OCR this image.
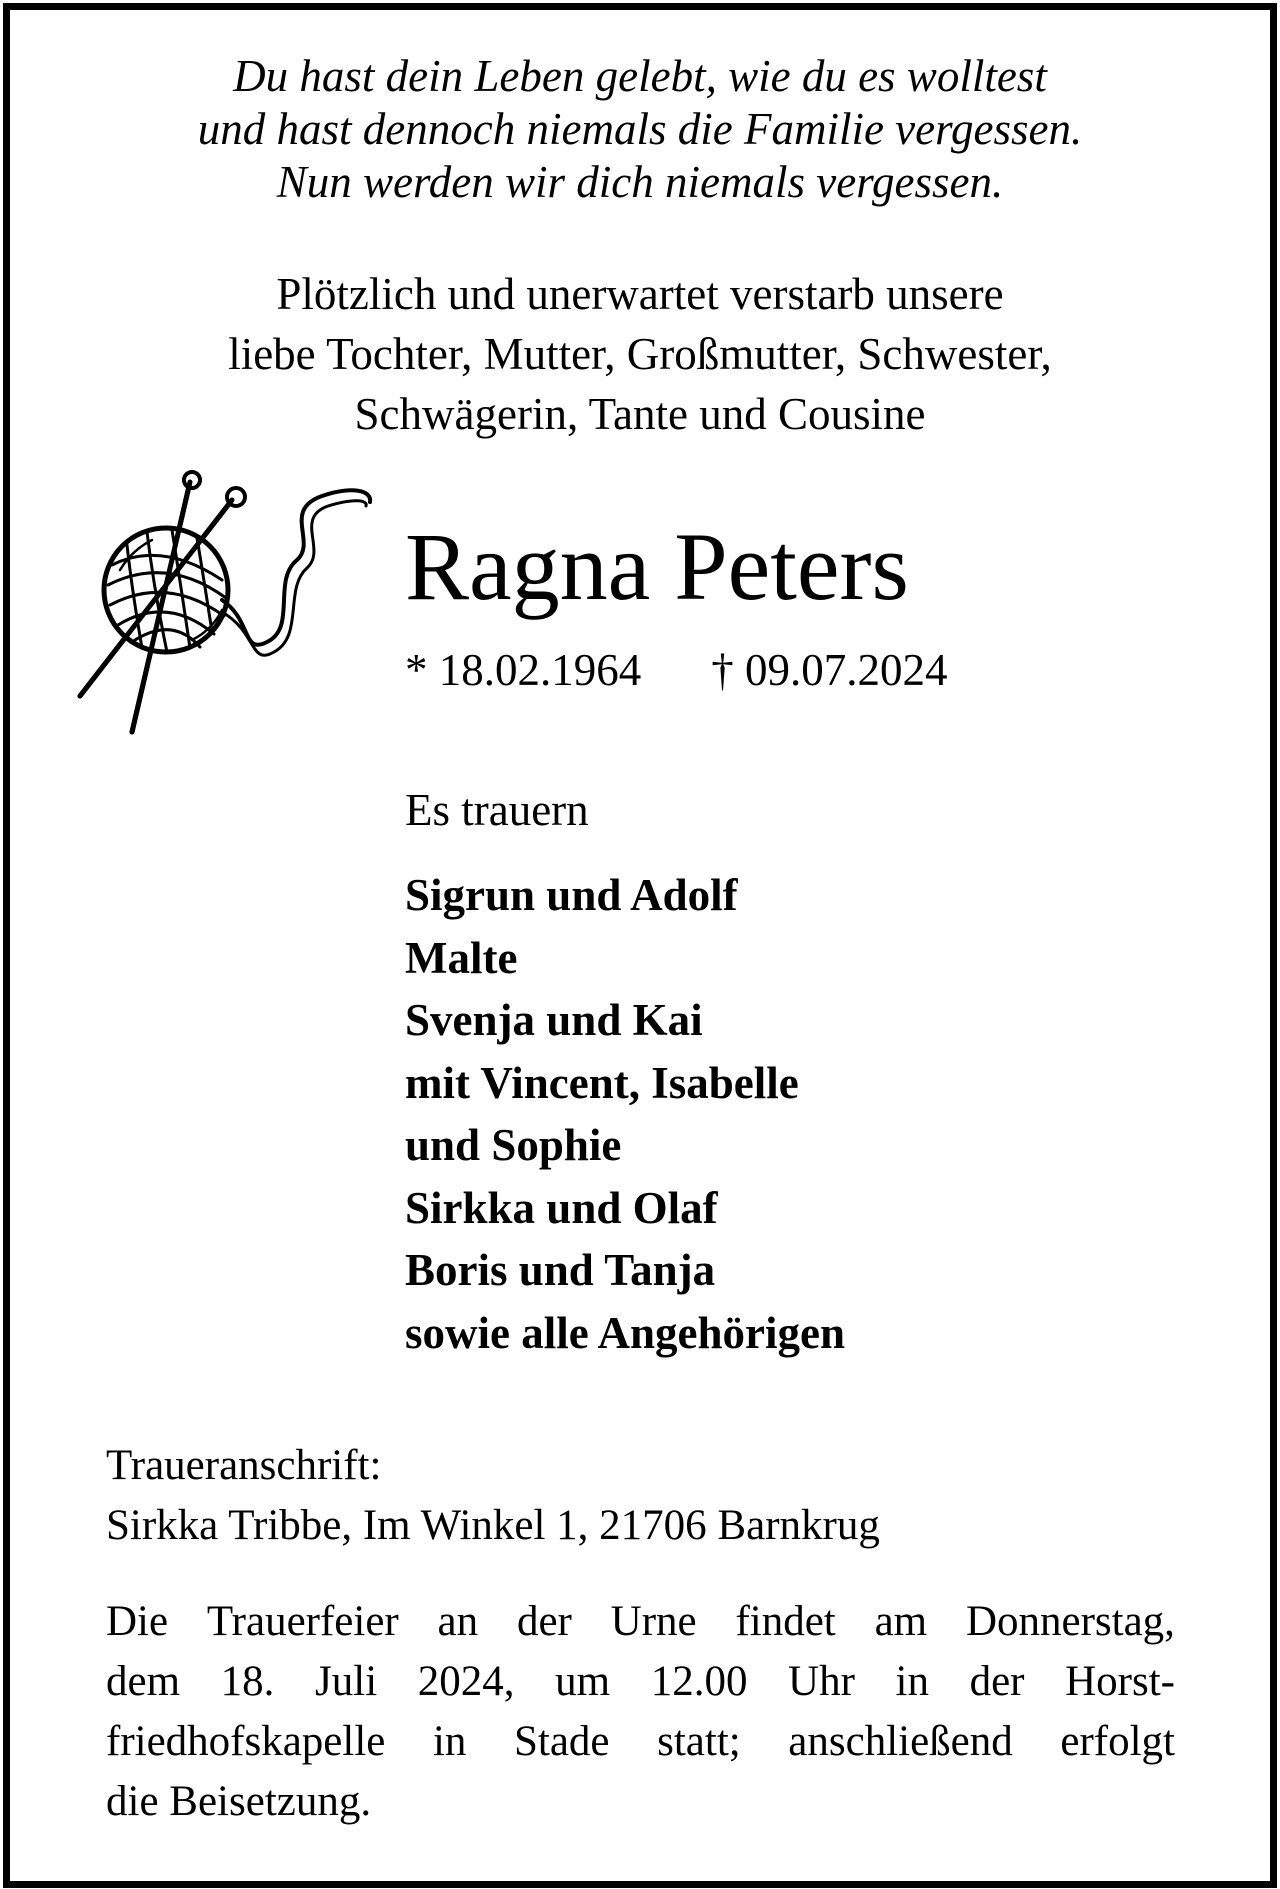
Du hast dein Leben gelebt, wie du es wolltest
und hast dennoch niemals die Familie vergessen.
Nun werden wir dich niemals vergessen.
Plötzlich und unerwartet verstarb unsere
liebe Tochter, Mutter, Großmutter, Schwester,
Schwägerin, Tante und Cousine
Ragna Peters
* 18.02.1964 † 09.07.2024
Es trauern
Sigrun und Adolf
Malte
Svenja und Kai
mit Vincent, Isabelle
und Sophie
Sirkka und Olaf
Boris und Tanja
sowie alle Angehörigen
Traueranschrift:
Sirkka Tribbe, Im Winkel 1, 21706 Barnkrug
Die Trauerfeier an der Urne findet am Donnerstag,
dem 18. Juli 2024, um 12.00 Uhr in der Horst-
friedhofskapelle in Stade statt; anschließend erfolgt
die Beisetzung.
